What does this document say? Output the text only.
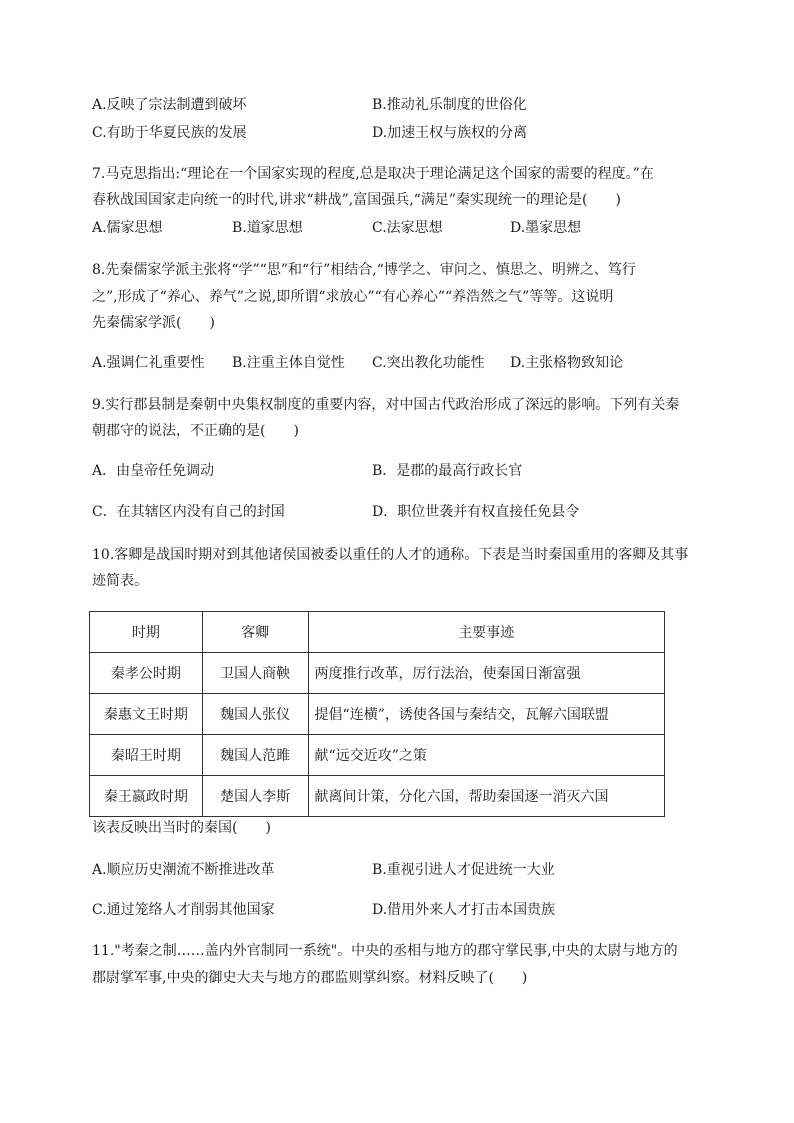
A.反映了宗法制遭到破坏	B.推动礼乐制度的世俗化
C.有助于华夏民族的发展	D.加速王权与族权的分离
7.马克思指出:“理论在一个国家实现的程度,总是取决于理论满足这个国家的需要的程度。”在
春秋战国国家走向统一的时代,讲求“耕战”,富国强兵,“满足”秦实现统一的理论是(　　)
A.儒家思想	B.道家思想	C.法家思想	D.墨家思想
8.先秦儒家学派主张将“学”“思”和“行”相结合,“博学之、审问之、慎思之、明辨之、笃行
之”,形成了“养心、养气”之说,即所谓“求放心”“有心养心”“养浩然之气”等等。这说明
先秦儒家学派(　　)
A.强调仁礼重要性 B.注重主体自觉性 C.突出教化功能性 D.主张格物致知论
9.实行郡县制是秦朝中央集权制度的重要内容，对中国古代政治形成了深远的影响。下列有关秦
朝郡守的说法，不正确的是(　　)
A．由皇帝任免调动	B．是郡的最高行政长官
C．在其辖区内没有自己的封国	D．职位世袭并有权直接任免县令
10.客卿是战国时期对到其他诸侯国被委以重任的人才的通称。下表是当时秦国重用的客卿及其事
迹简表。
时期	客卿	主要事迹
秦孝公时期	卫国人商鞅	两度推行改革，厉行法治，使秦国日渐富强
秦惠文王时期	魏国人张仪	提倡“连横”，诱使各国与秦结交，瓦解六国联盟
秦昭王时期	魏国人范雎	献“远交近攻”之策
秦王嬴政时期	楚国人李斯	献离间计策，分化六国，帮助秦国逐一消灭六国
该表反映出当时的秦国(　　)
A.顺应历史潮流不断推进改革	B.重视引进人才促进统一大业
C.通过笼络人才削弱其他国家	D.借用外来人才打击本国贵族
11."考秦之制……盖内外官制同一系统"。中央的丞相与地方的郡守掌民事,中央的太尉与地方的
郡尉掌军事,中央的御史大夫与地方的郡监则掌纠察。材料反映了(　　)
